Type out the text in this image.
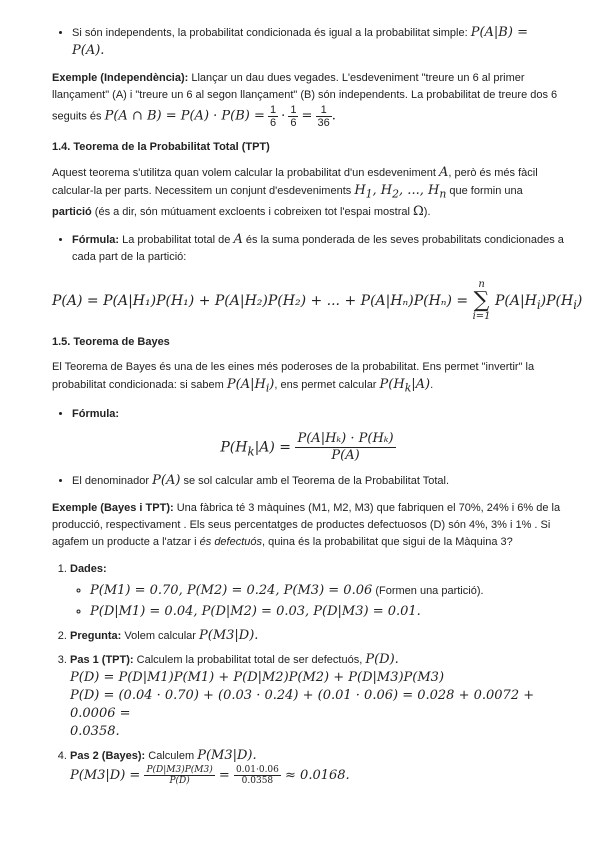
• Si són independents, la probabilitat condicionada és igual a la probabilitat simple: P(A|B) = P(A).

Exemple (Independència): Llançar un dau dues vegades. L'esdeveniment "treure un 6 al primer llançament" (A) i "treure un 6 al segon llançament" (B) són independents. La probabilitat de treure dos 6 seguits és P(A ∩ $B) = P(A) \cdot P(B) = \frac{1}{6} \cdot \frac{1}{6} = \frac{1}{36}$ .

1.4. Teorema de la Probabilitat Total (TPT)

Aquest teorema s'utilitza quan volem calcular la probabilitat d'un esdeveniment A, però és més fàcil calcular-la per parts. Necessitem un conjunt d'esdeveniments $H_1$, $H_2$, ..., $H_n$ que formin una partició (és a dir, són mútuament excloents i cobreixen tot l'espai mostral Ω).

• Fórmula: La probabilitat total de A és la suma ponderada de les seves probabilitats condicionades a cada part de la partició:
P(A) = P(A|H₁)P(H₁) + P(A|H₂)P(H₂) + ... + P(A|Hₙ)P(Hₙ) = n
∑
i=1 $P(A|H_i)P(H_i)$
1.5. Teorema de Bayes

El Teorema de Bayes és una de les eines més poderoses de la probabilitat. Ens permet "invertir" la probabilitat condicionada: si sabem $P(A|H_i)$, ens permet calcular $P(H_k|A)$.

• Fórmula:
$P(H_k|A) = \frac{\text{P(A|Hₖ) · P(Hₖ)}}{P(A)}$
• El denominador P(A) se sol calcular amb el Teorema de la Probabilitat Total.

Exemple (Bayes i TPT): Una fàbrica té 3 màquines (M1, M2, M3) que fabriquen el 70%, 24% i 6% de la producció, respectivament . Els seus percentatges de productes defectuosos (D) són 4%, 3% i 1% . Si agafem un producte a l'atzar i és defectuós, quina és la probabilitat que sigui de la Màquina 3?

1. Dades:
◦ P(M1) = 0.70, P(M2) = 0.24, P(M3) = 0.06 (Formen una partició).
◦ P(D|M1) = 0.04, P(D|M2) = 0.03, P(D|M3) = 0.01.
2. Pregunta: Volem calcular P(M3|D).
3. Pas 1 (TPT): Calculem la probabilitat total de ser defectuós, P(D).
P(D) = P(D|M1)P(M1) + P(D|M2)P(M2) + P(D|M3)P(M3)
P(D) = (0.04 · 0.70) + (0.03 · 0.24) + (0.01 · 0.06) = 0.028 + 0.0072 + 0.0006 =
0.0358.
4. Pas 2 (Bayes): Calculem P(M3|D).
$P(M3|D) = \frac{P(D|M3)P(M3)}{P(D)} = \frac{0.01\cdot 0.06}{0.0358} \approx 0.0168$.
